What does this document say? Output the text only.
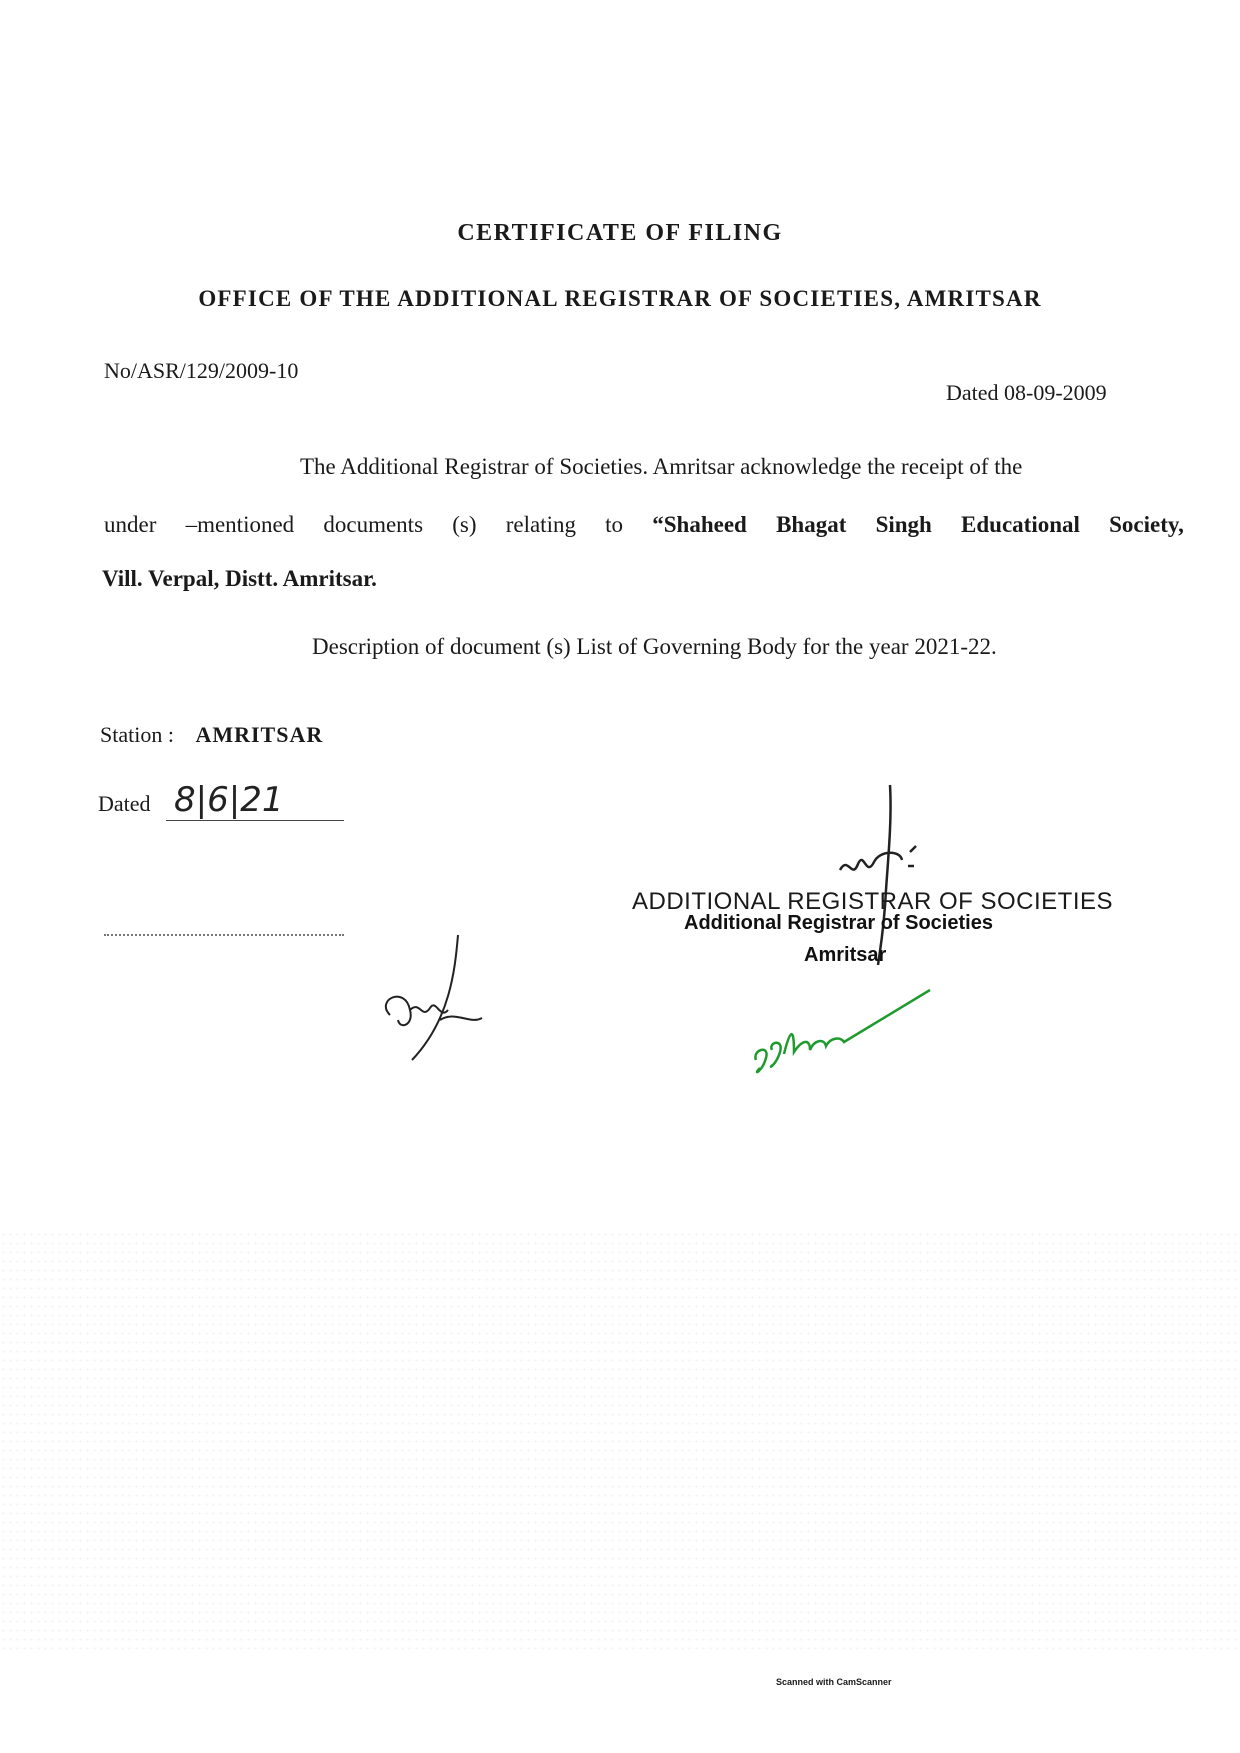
CERTIFICATE OF FILING
OFFICE OF THE ADDITIONAL REGISTRAR OF SOCIETIES, AMRITSAR
No/ASR/129/2009-10
Dated 08-09-2009
The Additional Registrar of Societies. Amritsar acknowledge the receipt of the
under –mentioned documents (s) relating to “Shaheed Bhagat Singh Educational Society,
Vill. Verpal, Distt. Amritsar.
Description of document (s) List of Governing Body for the year 2021-22.
Station : AMRITSAR
Dated 8|6|21
ADDITIONAL REGISTRAR OF SOCIETIES
Additional Registrar of Societies
Amritsar
Scanned with CamScanner
